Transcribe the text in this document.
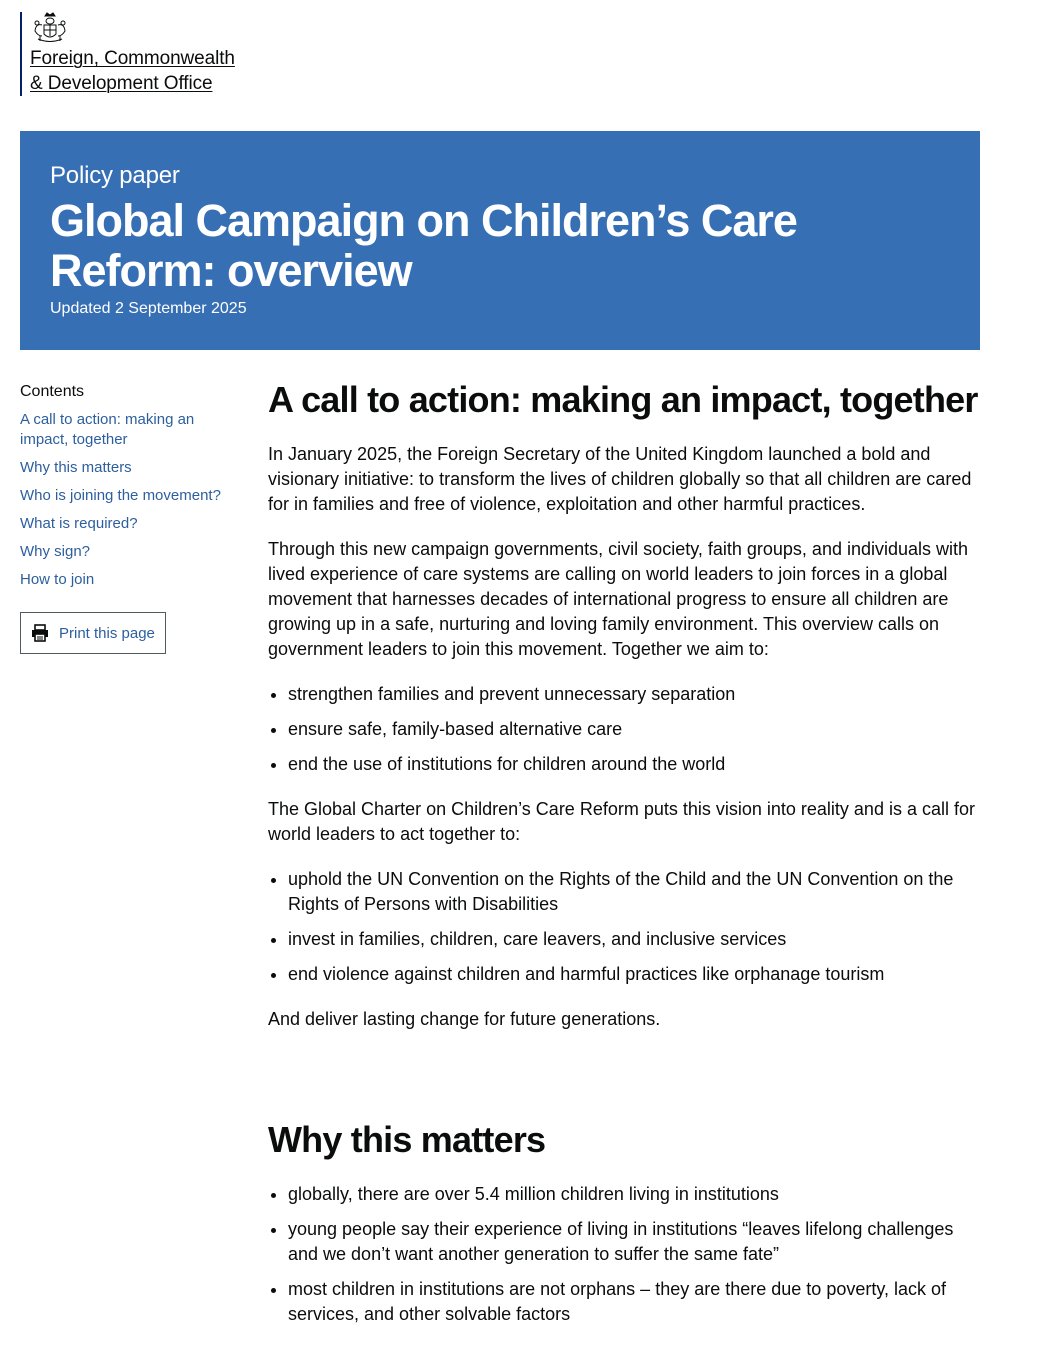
Foreign, Commonwealth
& Development Office

Policy paper

Global Campaign on Children’s Care Reform: overview
Updated 2 September 2025

Contents

A call to action: making an impact, together
Why this matters
Who is joining the movement?
What is required?
Why sign?
How to join
Print this page
A call to action: making an impact, together

In January 2025, the Foreign Secretary of the United Kingdom launched a bold and visionary initiative: to transform the lives of children globally so that all children are cared for in families and free of violence, exploitation and other harmful practices.

Through this new campaign governments, civil society, faith groups, and individuals with lived experience of care systems are calling on world leaders to join forces in a global movement that harnesses decades of international progress to ensure all children are growing up in a safe, nurturing and loving family environment. This overview calls on government leaders to join this movement. Together we aim to:

• strengthen families and prevent unnecessary separation
• ensure safe, family-based alternative care
• end the use of institutions for children around the world

The Global Charter on Children’s Care Reform puts this vision into reality and is a call for world leaders to act together to:

• uphold the UN Convention on the Rights of the Child and the UN Convention on the Rights of Persons with Disabilities
• invest in families, children, care leavers, and inclusive services
• end violence against children and harmful practices like orphanage tourism

And deliver lasting change for future generations.

Why this matters
• globally, there are over 5.4 million children living in institutions
• young people say their experience of living in institutions “leaves lifelong challenges and we don’t want another generation to suffer the same fate”
• most children in institutions are not orphans – they are there due to poverty, lack of services, and other solvable factors
